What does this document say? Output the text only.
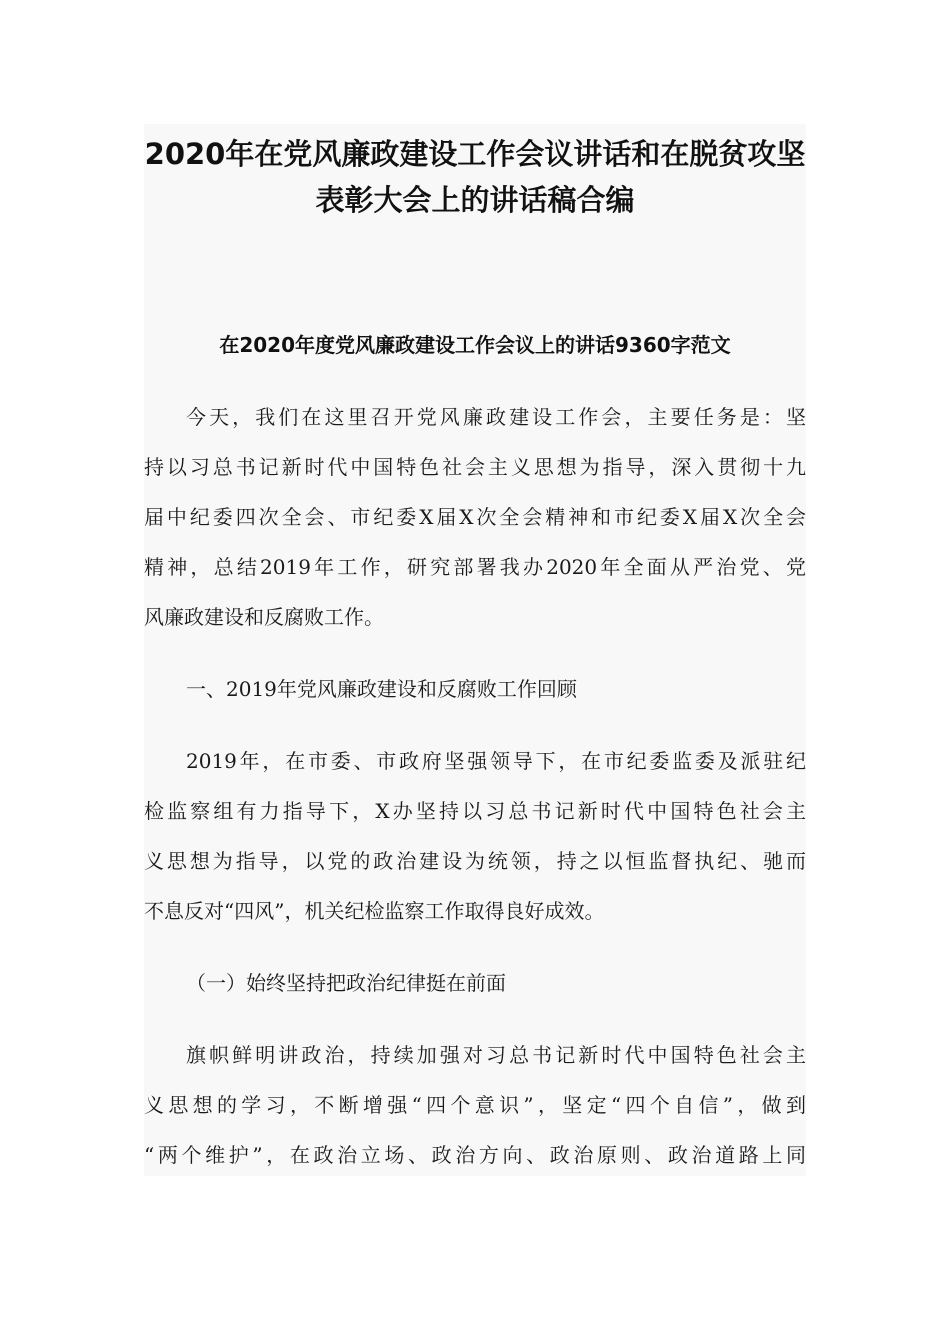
2020年在党风廉政建设工作会议讲话和在脱贫攻坚
表彰大会上的讲话稿合编
在2020年度党风廉政建设工作会议上的讲话9360字范文
今天，我们在这里召开党风廉政建设工作会，主要任务是：坚
持以习总书记新时代中国特色社会主义思想为指导，深入贯彻十九
届中纪委四次全会、市纪委X届X次全会精神和市纪委X届X次全会
精神，总结2019年工作，研究部署我办2020年全面从严治党、党
风廉政建设和反腐败工作。
一、2019年党风廉政建设和反腐败工作回顾
2019年，在市委、市政府坚强领导下，在市纪委监委及派驻纪
检监察组有力指导下，X办坚持以习总书记新时代中国特色社会主
义思想为指导，以党的政治建设为统领，持之以恒监督执纪、驰而
不息反对“四风”，机关纪检监察工作取得良好成效。
（一）始终坚持把政治纪律挺在前面
旗帜鲜明讲政治，持续加强对习总书记新时代中国特色社会主
义思想的学习，不断增强“四个意识”，坚定“四个自信”，做到
“两个维护”，在政治立场、政治方向、政治原则、政治道路上同
